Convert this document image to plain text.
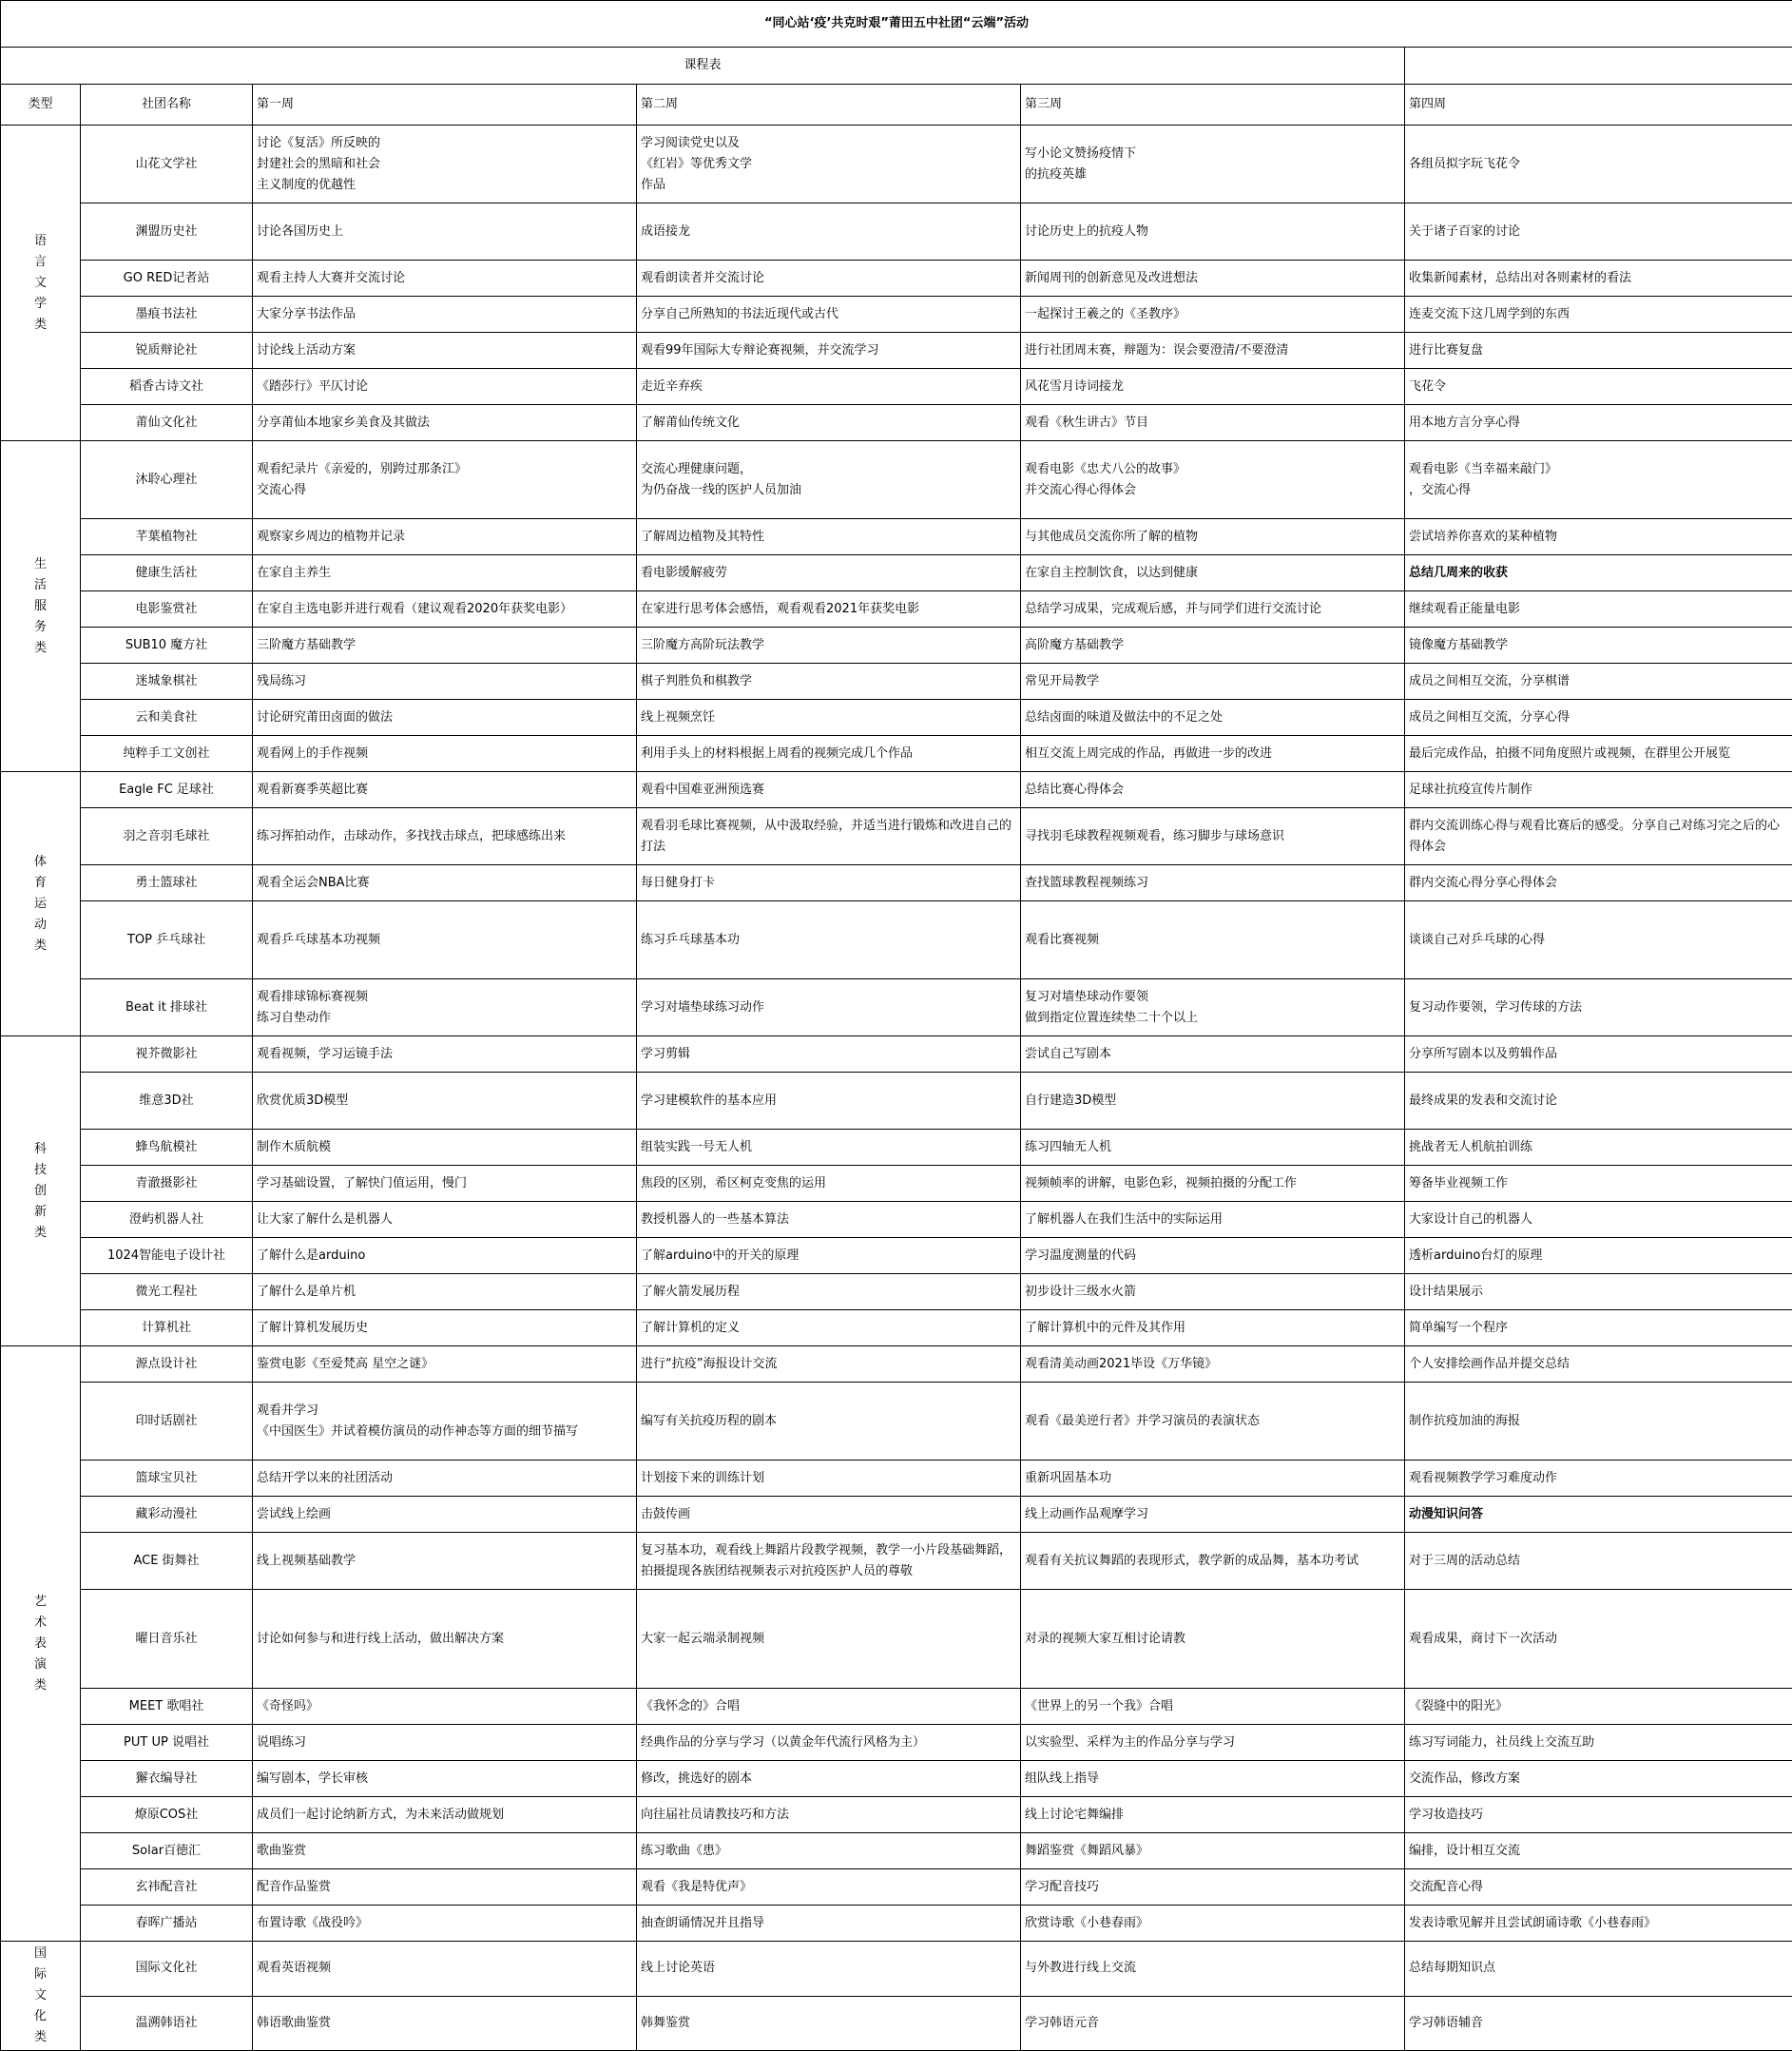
“同心站‘疫’共克时艰”莆田五中社团“云端”活动					
课程表					
类型	社团名称	第一周	第二周	第三周	第四周
语言文学类	山花文学社	讨论《复活》所反映的
封建社会的黑暗和社会
主义制度的优越性	学习阅读党史以及
《红岩》等优秀文学
作品	写小论文赞扬疫情下
的抗疫英雄	各组员拟字玩飞花令
	渊盟历史社	讨论各国历史上	成语接龙	讨论历史上的抗疫人物	关于诸子百家的讨论
	GO RED记者站	观看主持人大赛并交流讨论	观看朗读者并交流讨论	新闻周刊的创新意见及改进想法	收集新闻素材，总结出对各则素材的看法
	墨痕书法社	大家分享书法作品	分享自己所熟知的书法近现代或古代	一起探讨王羲之的《圣教序》	连麦交流下这几周学到的东西
	锐质辩论社	讨论线上活动方案	观看99年国际大专辩论赛视频，并交流学习	进行社团周末赛，辩题为：误会要澄清/不要澄清	进行比赛复盘
	稻香古诗文社	《踏莎行》平仄讨论	走近辛弃疾	风花雪月诗词接龙	飞花令
	莆仙文化社	分享莆仙本地家乡美食及其做法	了解莆仙传统文化	观看《秋生讲古》节目	用本地方言分享心得
生活服务类	沐聆心理社	观看纪录片《亲爱的，别跨过那条江》
交流心得	交流心理健康问题，
为仍奋战一线的医护人员加油	观看电影《忠犬八公的故事》
并交流心得心得体会	观看电影《当幸福来敲门》
，交流心得
	芊葉植物社	观察家乡周边的植物并记录	了解周边植物及其特性	与其他成员交流你所了解的植物	尝试培养你喜欢的某种植物
	健康生活社	在家自主养生	看电影缓解疲劳	在家自主控制饮食，以达到健康	总结几周来的收获
	电影鉴赏社	在家自主选电影并进行观看（建议观看2020年获奖电影）	在家进行思考体会感悟，观看观看2021年获奖电影	总结学习成果，完成观后感，并与同学们进行交流讨论	继续观看正能量电影
	SUB10 魔方社	三阶魔方基础教学	三阶魔方高阶玩法教学	高阶魔方基础教学	镜像魔方基础教学
	迷城象棋社	残局练习	棋子判胜负和棋教学	常见开局教学	成员之间相互交流，分享棋谱
	云和美食社	讨论研究莆田卤面的做法	线上视频烹饪	总结卤面的味道及做法中的不足之处	成员之间相互交流，分享心得
	纯粹手工文创社	观看网上的手作视频	利用手头上的材料根据上周看的视频完成几个作品	相互交流上周完成的作品，再做进一步的改进	最后完成作品，拍摄不同角度照片或视频，在群里公开展览
体育运动类	Eagle FC 足球社	观看新赛季英超比赛	观看中国难亚洲预选赛	总结比赛心得体会	足球社抗疫宣传片制作
	羽之音羽毛球社	练习挥拍动作，击球动作，多找找击球点，把球感练出来	观看羽毛球比赛视频，从中汲取经验，并适当进行锻炼和改进自己的打法	寻找羽毛球教程视频观看，练习脚步与球场意识	群内交流训练心得与观看比赛后的感受。分享自己对练习完之后的心得体会
	勇士篮球社	观看全运会NBA比赛	每日健身打卡	查找篮球教程视频练习	群内交流心得分享心得体会
	TOP 乒乓球社	观看乒乓球基本功视频	练习乒乓球基本功	观看比赛视频	谈谈自己对乒乓球的心得
	Beat it 排球社	观看排球锦标赛视频
练习自垫动作	学习对墙垫球练习动作	复习对墙垫球动作要领
做到指定位置连续垫二十个以上	复习动作要领，学习传球的方法
科技创新类	视芥微影社	观看视频，学习运镜手法	学习剪辑	尝试自己写剧本	分享所写剧本以及剪辑作品
	维意3D社	欣赏优质3D模型	学习建模软件的基本应用	自行建造3D模型	最终成果的发表和交流讨论
	蜂鸟航模社	制作木质航模	组装实践一号无人机	练习四轴无人机	挑战者无人机航拍训练
	青澈摄影社	学习基础设置，了解快门值运用，慢门	焦段的区别，希区柯克变焦的运用	视频帧率的讲解，电影色彩，视频拍摄的分配工作	筹备毕业视频工作
	澄屿机器人社	让大家了解什么是机器人	教授机器人的一些基本算法	了解机器人在我们生活中的实际运用	大家设计自己的机器人
	1024智能电子设计社	了解什么是arduino	了解arduino中的开关的原理	学习温度测量的代码	透析arduino台灯的原理
	微光工程社	了解什么是单片机	了解火箭发展历程	初步设计三级水火箭	设计结果展示
	计算机社	了解计算机发展历史	了解计算机的定义	了解计算机中的元件及其作用	简单编写一个程序
艺术表演类	源点设计社	鉴赏电影《至爱梵高 星空之谜》	进行“抗疫”海报设计交流	观看清美动画2021毕设《万华镜》	个人安排绘画作品并提交总结
	印时话剧社	观看并学习
《中国医生》并试着模仿演员的动作神态等方面的细节描写	编写有关抗疫历程的剧本	观看《最美逆行者》并学习演员的表演状态	制作抗疫加油的海报
	篮球宝贝社	总结开学以来的社团活动	计划接下来的训练计划	重新巩固基本功	观看视频教学学习难度动作
	藏彩动漫社	尝试线上绘画	击鼓传画	线上动画作品观摩学习	动漫知识问答
	ACE 街舞社	线上视频基础教学	复习基本功，观看线上舞蹈片段教学视频，教学一小片段基础舞蹈，拍摄提现各族团结视频表示对抗疫医护人员的尊敬	观看有关抗议舞蹈的表现形式，教学新的成品舞，基本功考试	对于三周的活动总结
	曜日音乐社	讨论如何参与和进行线上活动，做出解决方案	大家一起云端录制视频	对录的视频大家互相讨论请教	观看成果，商讨下一次活动
	MEET 歌唱社	《奇怪吗》	《我怀念的》合唱	《世界上的另一个我》合唱	《裂缝中的阳光》
	PUT UP 说唱社	说唱练习	经典作品的分享与学习（以黄金年代流行风格为主）	以实验型、采样为主的作品分享与学习	练习写词能力，社员线上交流互助
	獬衣编导社	编写剧本，学长审核	修改，挑选好的剧本	组队线上指导	交流作品，修改方案
	燎原COS社	成员们一起讨论纳新方式，为未来活动做规划	向往届社员请教技巧和方法	线上讨论宅舞编排	学习妆造技巧
	Solar百徳汇	歌曲鉴赏	练习歌曲《患》	舞蹈鉴赏《舞蹈风暴》	编排，设计相互交流
	玄祎配音社	配音作品鉴赏	观看《我是特优声》	学习配音技巧	交流配音心得
	春晖广播站	布置诗歌《战役吟》	抽查朗诵情况并且指导	欣赏诗歌《小巷春雨》	发表诗歌见解并且尝试朗诵诗歌《小巷春雨》
国际文化类	国际文化社	观看英语视频	线上讨论英语	与外教进行线上交流	总结每期知识点
	温溯韩语社	韩语歌曲鉴赏	韩舞鉴赏	学习韩语元音	学习韩语辅音
